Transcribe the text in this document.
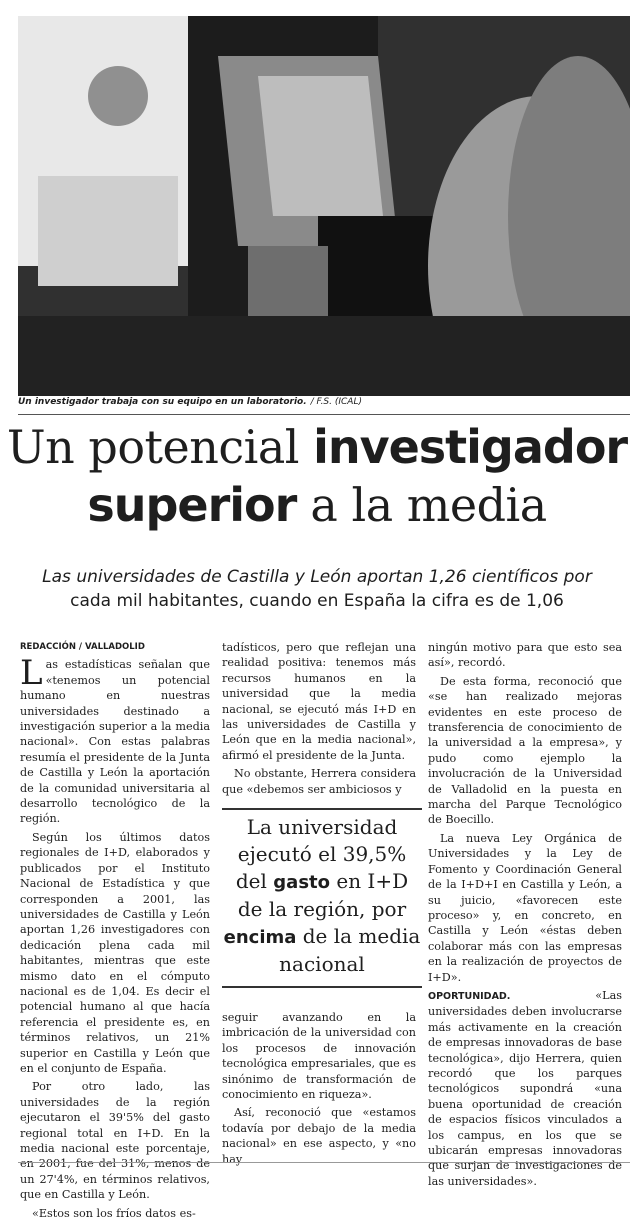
Un investigador trabaja con su equipo en un laboratorio. / F.S. (ICAL)
Un potencial investigador
superior a la media
Las universidades de Castilla y León aportan 1,26 científicos por
cada mil habitantes, cuando en España la cifra es de 1,06
REDACCIÓN / VALLADOLID

Las estadísticas señalan que «tenemos un potencial humano en nuestras universidades destinado a investigación superior a la media nacional». Con estas palabras resumía el presidente de la Junta de Castilla y León la aportación de la comunidad universitaria al desarrollo tecnológico de la región.

Según los últimos datos regionales de I+D, elaborados y publicados por el Instituto Nacional de Estadística y que corresponden a 2001, las universidades de Castilla y León aportan 1,26 investigadores con dedicación plena cada mil habitantes, mientras que este mismo dato en el cómputo nacional es de 1,04. Es decir el potencial humano al que hacía referencia el presidente es, en términos relativos, un 21% superior en Castilla y León que en el conjunto de España.

Por otro lado, las universidades de la región ejecutaron el 39'5% del gasto regional total en I+D. En la media nacional este porcentaje, en 2001, fue del 31%, menos de un 27'4%, en términos relativos, que en Castilla y León.

«Estos son los fríos datos es-

tadísticos, pero que reflejan una realidad positiva: tenemos más recursos humanos en la universidad que la media nacional, se ejecutó más I+D en las universidades de Castilla y León que en la media nacional», afirmó el presidente de la Junta.

No obstante, Herrera considera que «debemos ser ambiciosos y

La universidad ejecutó el 39,5% del gasto en I+D de la región, por encima de la media nacional

seguir avanzando en la imbricación de la universidad con los procesos de innovación tecnológica empresariales, que es sinónimo de transformación de conocimiento en riqueza».

Así, reconoció que «estamos todavía por debajo de la media nacional» en ese aspecto, y «no hay

ningún motivo para que esto sea así», recordó.

De esta forma, reconoció que «se han realizado mejoras evidentes en este proceso de transferencia de conocimiento de la universidad a la empresa», y pudo como ejemplo la involucración de la Universidad de Valladolid en la puesta en marcha del Parque Tecnológico de Boecillo.

La nueva Ley Orgánica de Universidades y la Ley de Fomento y Coordinación General de la I+D+I en Castilla y León, a su juicio, «favorecen este proceso» y, en concreto, en Castilla y León «éstas deben colaborar más con las empresas en la realización de proyectos de I+D».

OPORTUNIDAD. «Las universidades deben involucrarse más activamente en la creación de empresas innovadoras de base tecnológica», dijo Herrera, quien recordó que los parques tecnológicos supondrá «una buena oportunidad de creación de espacios físicos vinculados a los campus, en los que se ubicarán empresas innovadoras que surjan de investigaciones de las universidades».
